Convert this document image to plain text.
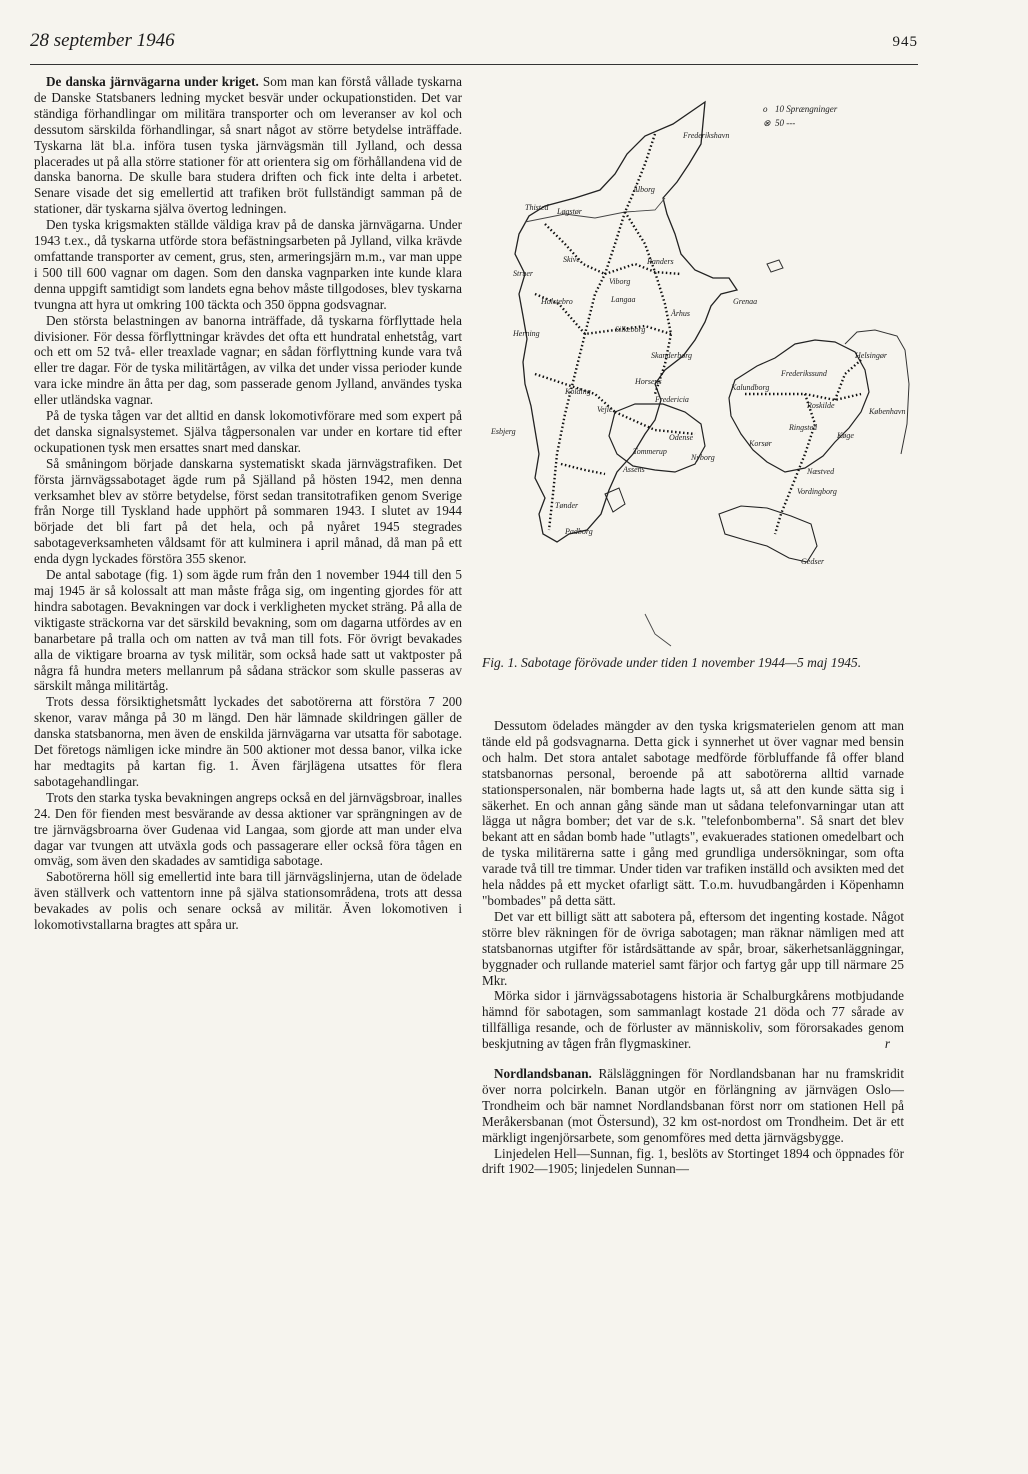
28 september 1946	945

De danska järnvägarna under kriget. Som man kan förstå vållade tyskarna de Danske Statsbaners ledning mycket besvär under ockupationstiden. Det var ständiga förhandlingar om militära transporter och om leveranser av kol och dessutom särskilda förhandlingar, så snart något av större betydelse inträffade. Tyskarna lät bl.a. införa tusen tyska järnvägsmän till Jylland, och dessa placerades ut på alla större stationer för att orientera sig om förhållandena vid de danska banorna. De skulle bara studera driften och fick inte delta i arbetet. Senare visade det sig emellertid att trafiken bröt fullständigt samman på de stationer, där tyskarna själva övertog ledningen.

Den tyska krigsmakten ställde väldiga krav på de danska järnvägarna. Under 1943 t.ex., då tyskarna utförde stora befästningsarbeten på Jylland, vilka krävde omfattande transporter av cement, grus, sten, armeringsjärn m.m., var man uppe i 500 till 600 vagnar om dagen. Som den danska vagnparken inte kunde klara denna uppgift samtidigt som landets egna behov måste tillgodoses, blev tyskarna tvungna att hyra ut omkring 100 täckta och 350 öppna godsvagnar.

Den största belastningen av banorna inträffade, då tyskarna förflyttade hela divisioner. För dessa förflyttningar krävdes det ofta ett hundratal enhetståg, vart och ett om 52 två- eller treaxlade vagnar; en sådan förflyttning kunde vara två eller tre dagar. För de tyska militärtågen, av vilka det under vissa perioder kunde vara icke mindre än åtta per dag, som passerade genom Jylland, användes tyska eller utländska vagnar.

På de tyska tågen var det alltid en dansk lokomotivförare med som expert på det danska signalsystemet. Själva tågpersonalen var under en kortare tid efter ockupationen tysk men ersattes snart med danskar.

Så småningom började danskarna systematiskt skada järnvägstrafiken. Det första järnvägssabotaget ägde rum på Själland på hösten 1942, men denna verksamhet blev av större betydelse, först sedan transitotrafiken genom Sverige från Norge till Tyskland hade upphört på sommaren 1943. I slutet av 1944 började det bli fart på det hela, och på nyåret 1945 stegrades sabotageverksamheten våldsamt för att kulminera i april månad, då man på ett enda dygn lyckades förstöra 355 skenor.

De antal sabotage (fig. 1) som ägde rum från den 1 november 1944 till den 5 maj 1945 är så kolossalt att man måste fråga sig, om ingenting gjordes för att hindra sabotagen. Bevakningen var dock i verkligheten mycket sträng. På alla de viktigaste sträckorna var det särskild bevakning, som om dagarna utfördes av en banarbetare på tralla och om natten av två man till fots. För övrigt bevakades alla de viktigare broarna av tysk militär, som också hade satt ut vaktposter på några få hundra meters mellanrum på sådana sträckor som skulle passeras av särskilt många militärtåg.

Trots dessa försiktighetsmått lyckades det sabotörerna att förstöra 7 200 skenor, varav många på 30 m längd. Den här lämnade skildringen gäller de danska statsbanorna, men även de enskilda järnvägarna var utsatta för sabotage. Det företogs nämligen icke mindre än 500 aktioner mot dessa banor, vilka icke har medtagits på kartan fig. 1. Även färjlägena utsattes för flera sabotagehandlingar.

Trots den starka tyska bevakningen angreps också en del järnvägsbroar, inalles 24. Den för fienden mest besvärande av dessa aktioner var sprängningen av de tre järnvägsbroarna över Gudenaa vid Langaa, som gjorde att man under elva dagar var tvungen att utväxla gods och passagerare eller också föra tågen en omväg, som även den skadades av samtidiga sabotage.

Sabotörerna höll sig emellertid inte bara till järnvägslinjerna, utan de ödelade även ställverk och vattentorn inne på själva stationsområdena, trots att dessa bevakades av polis och senare också av militär. Även lokomotiven i lokomotivstallarna bragtes att spåra ur.

o 10 Sprængninger
⊗ 50 ---
Frederikshavn
Thisted Løgstør
Ålborg
Struer
Skive
Viborg
Randers
Grenaa
Holstebro	Langaa
Århus
Herning	Silkeborg
Skanderborg
Horsens
Vejle
Fredericia
Kolding
Esbjerg
Odense
Nyborg
Tommerup
Assens
Tønder
Padborg
Kalundborg
Korsør
Ringsted
Køge
København
Helsingør
Frederikssund
Roskilde
Næstved
Vordingborg
Gedser
Fig. 1. Sabotage förövade under tiden 1 november 1944—5 maj 1945.

Dessutom ödelades mängder av den tyska krigsmaterielen genom att man tände eld på godsvagnarna. Detta gick i synnerhet ut över vagnar med bensin och halm. Det stora antalet sabotage medförde förbluffande få offer bland statsbanornas personal, beroende på att sabotörerna alltid varnade stationspersonalen, när bomberna hade lagts ut, så att den kunde sätta sig i säkerhet. En och annan gång sände man ut sådana telefonvarningar utan att lägga ut några bomber; det var de s.k. "telefonbomberna". Så snart det blev bekant att en sådan bomb hade "utlagts", evakuerades stationen omedelbart och de tyska militärerna satte i gång med grundliga undersökningar, som ofta varade två till tre timmar. Under tiden var trafiken inställd och avsikten med det hela nåddes på ett mycket ofarligt sätt. T.o.m. huvudbangården i Köpenhamn "bombades" på detta sätt.

Det var ett billigt sätt att sabotera på, eftersom det ingenting kostade. Något större blev räkningen för de övriga sabotagen; man räknar nämligen med att statsbanornas utgifter för istårdsättande av spår, broar, säkerhetsanläggningar, byggnader och rullande materiel samt färjor och fartyg går upp till närmare 25 Mkr.

Mörka sidor i järnvägssabotagens historia är Schalburgkårens motbjudande hämnd för sabotagen, som sammanlagt kostade 21 döda och 77 sårade av tillfälliga resande, och de förluster av människoliv, som förorsakades genom beskjutning av tågen från flygmaskiner.	r

Nordlandsbanan. Rälsläggningen för Nordlandsbanan har nu framskridit över norra polcirkeln. Banan utgör en förlängning av järnvägen Oslo—Trondheim och bär namnet Nordlandsbanan först norr om stationen Hell på Meråkersbanan (mot Östersund), 32 km ost-nordost om Trondheim. Det är ett märkligt ingenjörsarbete, som genomföres med detta järnvägsbygge.

Linjedelen Hell—Sunnan, fig. 1, beslöts av Stortinget 1894 och öppnades för drift 1902—1905; linjedelen Sunnan—
